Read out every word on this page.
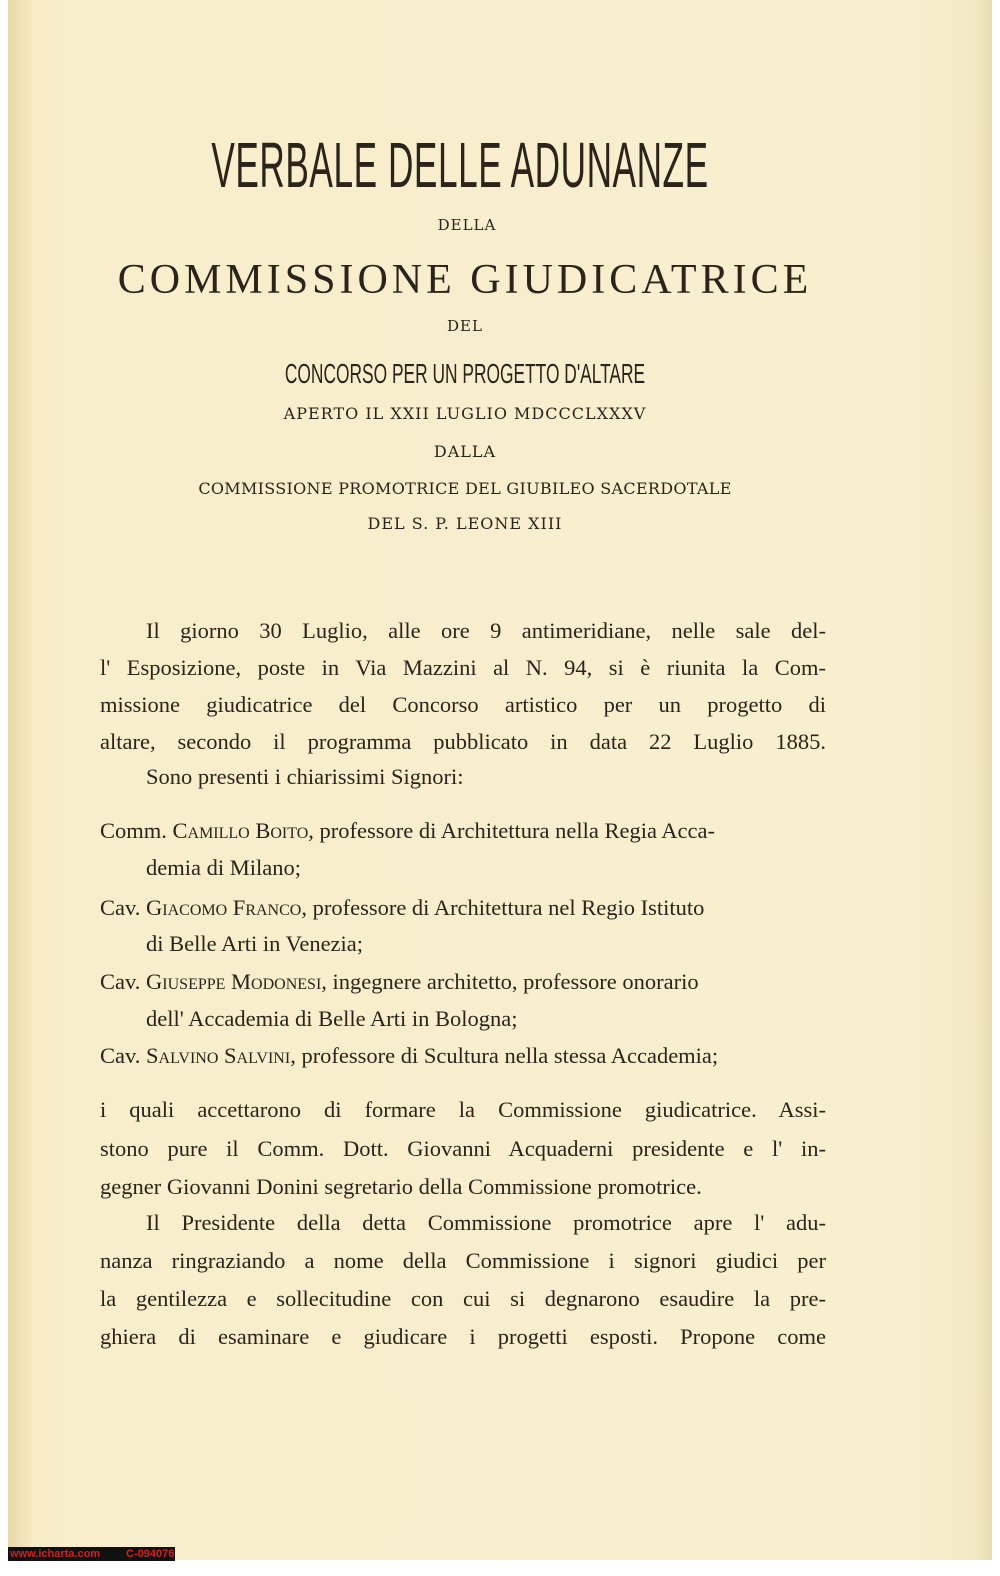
VERBALE DELLE ADUNANZE
DELLA
COMMISSIONE GIUDICATRICE
DEL
CONCORSO PER UN PROGETTO D'ALTARE
APERTO IL XXII LUGLIO MDCCCLXXXV
DALLA
COMMISSIONE PROMOTRICE DEL GIUBILEO SACERDOTALE
DEL S. P. LEONE XIII
Il giorno 30 Luglio, alle ore 9 antimeridiane, nelle sale del-
l' Esposizione, poste in Via Mazzini al N. 94, si è riunita la Com-
missione giudicatrice del Concorso artistico per un progetto di
altare, secondo il programma pubblicato in data 22 Luglio 1885.
Sono presenti i chiarissimi Signori:
Comm. Camillo Boito, professore di Architettura nella Regia Acca-
demia di Milano;
Cav. Giacomo Franco, professore di Architettura nel Regio Istituto
di Belle Arti in Venezia;
Cav. Giuseppe Modonesi, ingegnere architetto, professore onorario
dell' Accademia di Belle Arti in Bologna;
Cav. Salvino Salvini, professore di Scultura nella stessa Accademia;
i quali accettarono di formare la Commissione giudicatrice. Assi-
stono pure il Comm. Dott. Giovanni Acquaderni presidente e l' in-
gegner Giovanni Donini segretario della Commissione promotrice.
Il Presidente della detta Commissione promotrice apre l' adu-
nanza ringraziando a nome della Commissione i signori giudici per
la gentilezza e sollecitudine con cui si degnarono esaudire la pre-
ghiera di esaminare e giudicare i progetti esposti. Propone come
www.icharta.com C-094076
